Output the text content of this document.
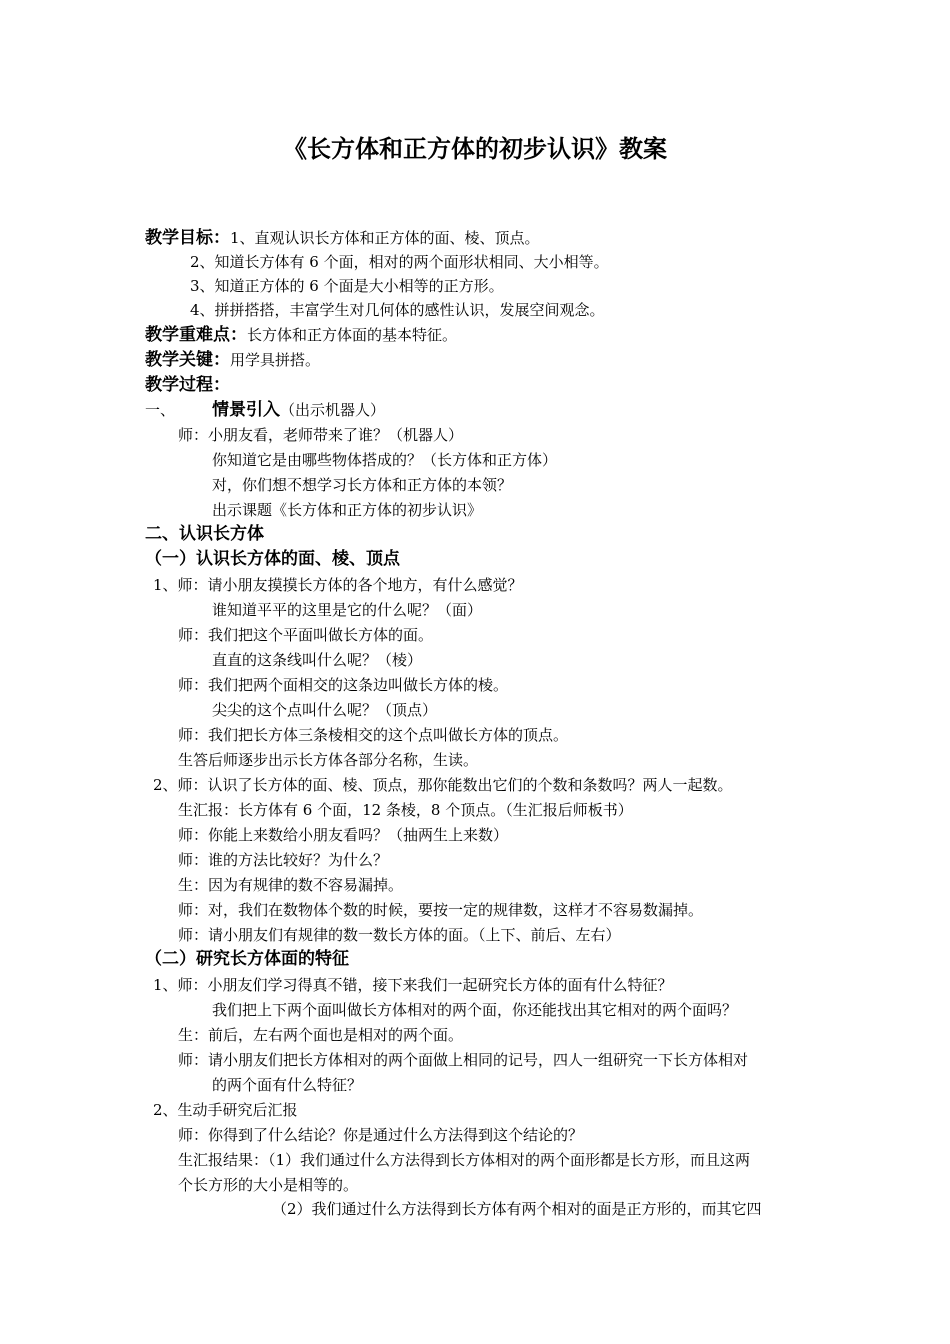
《长方体和正方体的初步认识》教案
教学目标：1、直观认识长方体和正方体的面、棱、顶点。
2、知道长方体有 6 个面，相对的两个面形状相同、大小相等。
3、知道正方体的 6 个面是大小相等的正方形。
4、拼拼搭搭，丰富学生对几何体的感性认识，发展空间观念。
教学重难点：长方体和正方体面的基本特征。
教学关键：用学具拼搭。
教学过程：
一、 情景引入（出示机器人）
师：小朋友看，老师带来了谁？（机器人）
你知道它是由哪些物体搭成的？（长方体和正方体）
对，你们想不想学习长方体和正方体的本领？
出示课题《长方体和正方体的初步认识》
二、认识长方体
（一）认识长方体的面、棱、顶点
1、师：请小朋友摸摸长方体的各个地方，有什么感觉？
谁知道平平的这里是它的什么呢？（面）
师：我们把这个平面叫做长方体的面。
直直的这条线叫什么呢？（棱）
师：我们把两个面相交的这条边叫做长方体的棱。
尖尖的这个点叫什么呢？（顶点）
师：我们把长方体三条棱相交的这个点叫做长方体的顶点。
生答后师逐步出示长方体各部分名称，生读。
2、师：认识了长方体的面、棱、顶点，那你能数出它们的个数和条数吗？两人一起数。
生汇报：长方体有 6 个面，12 条棱，8 个顶点。（生汇报后师板书）
师：你能上来数给小朋友看吗？（抽两生上来数）
师：谁的方法比较好？为什么？
生：因为有规律的数不容易漏掉。
师：对，我们在数物体个数的时候，要按一定的规律数，这样才不容易数漏掉。
师：请小朋友们有规律的数一数长方体的面。（上下、前后、左右）
（二）研究长方体面的特征
1、师：小朋友们学习得真不错，接下来我们一起研究长方体的面有什么特征？
我们把上下两个面叫做长方体相对的两个面，你还能找出其它相对的两个面吗？
生：前后，左右两个面也是相对的两个面。
师：请小朋友们把长方体相对的两个面做上相同的记号，四人一组研究一下长方体相对
的两个面有什么特征？
2、生动手研究后汇报
师：你得到了什么结论？你是通过什么方法得到这个结论的？
生汇报结果：（1）我们通过什么方法得到长方体相对的两个面形都是长方形，而且这两
个长方形的大小是相等的。
（2）我们通过什么方法得到长方体有两个相对的面是正方形的，而其它四
